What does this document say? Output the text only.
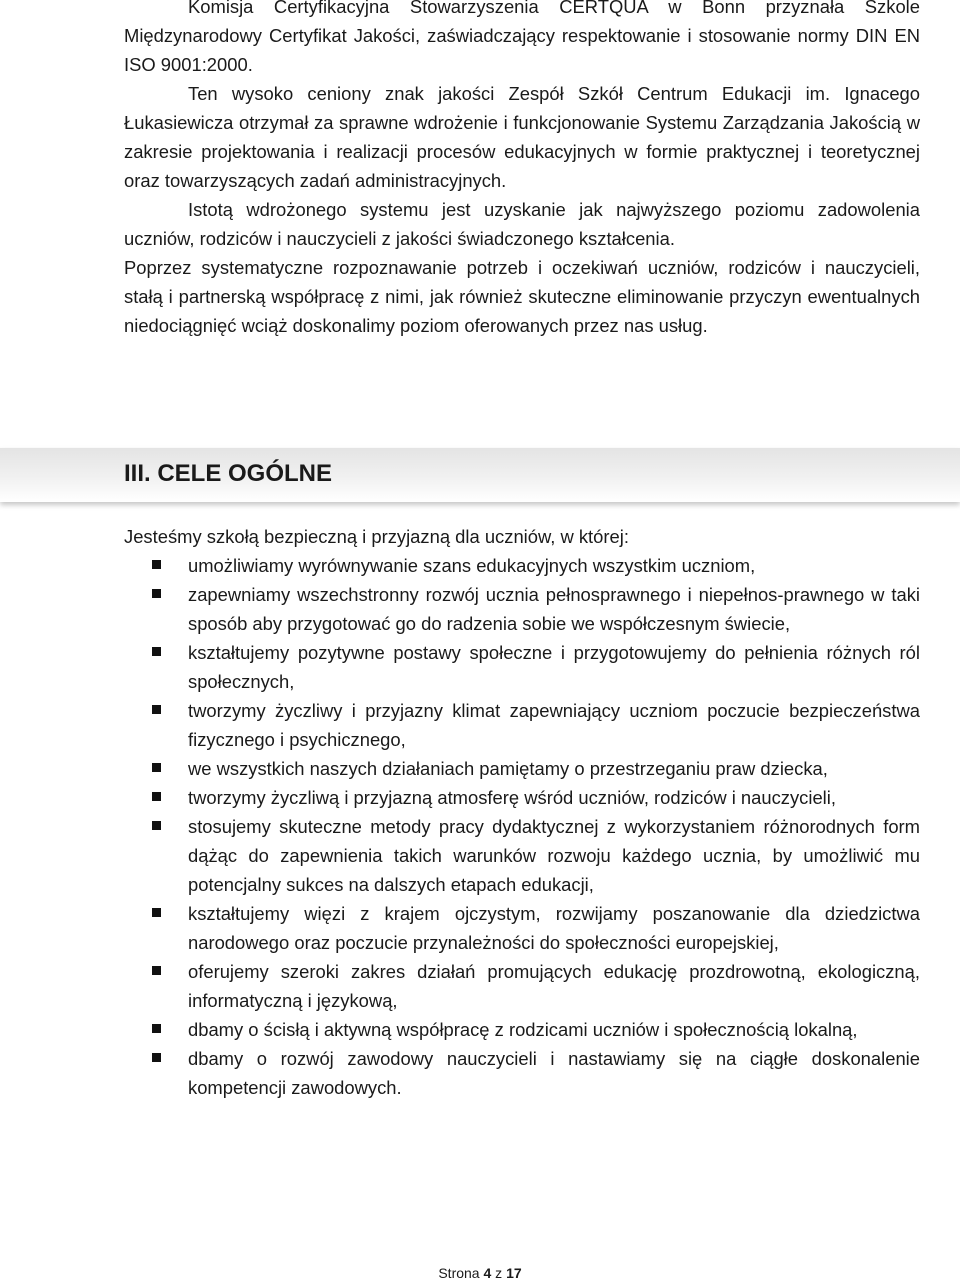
Komisja Certyfikacyjna Stowarzyszenia CERTQUA w Bonn przyznała Szkole Międzynarodowy Certyfikat Jakości, zaświadczający respektowanie i stosowanie normy DIN EN ISO 9001:2000.

Ten wysoko ceniony znak jakości Zespół Szkół Centrum Edukacji im. Ignacego Łukasiewicza otrzymał za sprawne wdrożenie i funkcjonowanie Systemu Zarządzania Jakością w zakresie projektowania i realizacji procesów edukacyjnych w formie praktycznej i teoretycznej oraz towarzyszących zadań administracyjnych.

Istotą wdrożonego systemu jest uzyskanie jak najwyższego poziomu zadowolenia uczniów, rodziców i nauczycieli z jakości świadczonego kształcenia.

Poprzez systematyczne rozpoznawanie potrzeb i oczekiwań uczniów, rodziców i nauczycieli, stałą i partnerską współpracę z nimi, jak również skuteczne eliminowanie przyczyn ewentualnych niedociągnięć wciąż doskonalimy poziom oferowanych przez nas usług.

III. CELE OGÓLNE

Jesteśmy szkołą bezpieczną i przyjazną dla uczniów, w której:

umożliwiamy wyrównywanie szans edukacyjnych wszystkim uczniom,
zapewniamy wszechstronny rozwój ucznia pełnosprawnego i niepełnos-prawnego w taki sposób aby przygotować go do radzenia sobie we współczesnym świecie,
kształtujemy pozytywne postawy społeczne i przygotowujemy do pełnienia różnych ról społecznych,
tworzymy życzliwy i przyjazny klimat zapewniający uczniom poczucie bezpieczeństwa fizycznego i psychicznego,
we wszystkich naszych działaniach pamiętamy o przestrzeganiu praw dziecka,
tworzymy życzliwą i przyjazną atmosferę wśród uczniów, rodziców i nauczycieli,
stosujemy skuteczne metody pracy dydaktycznej z wykorzystaniem różnorodnych form dążąc do zapewnienia takich warunków rozwoju każdego ucznia, by umożliwić mu potencjalny sukces na dalszych etapach edukacji,
kształtujemy więzi z krajem ojczystym, rozwijamy poszanowanie dla dziedzictwa narodowego oraz poczucie przynależności do społeczności europejskiej,
oferujemy szeroki zakres działań promujących edukację prozdrowotną, ekologiczną, informatyczną i językową,
dbamy o ścisłą i aktywną współpracę z rodzicami uczniów i społecznością lokalną,
dbamy o rozwój zawodowy nauczycieli i nastawiamy się na ciągłe doskonalenie kompetencji zawodowych.
Strona 4 z 17
